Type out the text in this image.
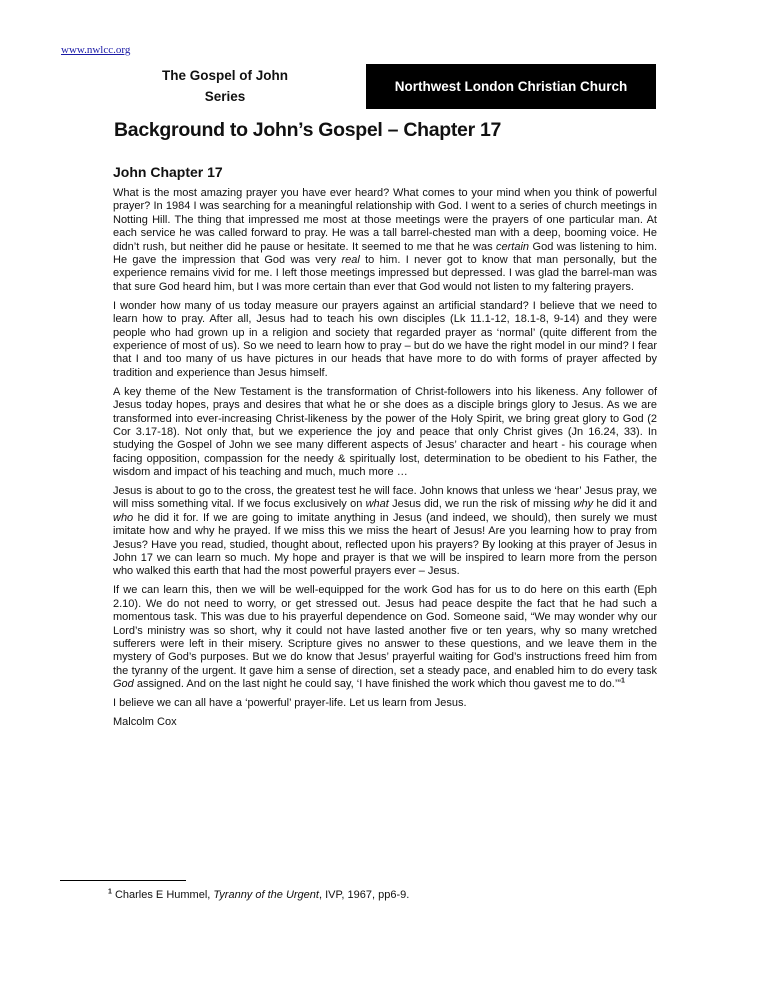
www.nwlcc.org
The Gospel of John Series
Northwest London Christian Church
Background to John’s Gospel – Chapter 17
John Chapter 17

What is the most amazing prayer you have ever heard? What comes to your mind when you think of powerful prayer? In 1984 I was searching for a meaningful relationship with God. I went to a series of church meetings in Notting Hill. The thing that impressed me most at those meetings were the prayers of one particular man. At each service he was called forward to pray. He was a tall barrel-chested man with a deep, booming voice. He didn’t rush, but neither did he pause or hesitate. It seemed to me that he was certain God was listening to him. He gave the impression that God was very real to him. I never got to know that man personally, but the experience remains vivid for me. I left those meetings impressed but depressed. I was glad the barrel-man was that sure God heard him, but I was more certain than ever that God would not listen to my faltering prayers.

I wonder how many of us today measure our prayers against an artificial standard? I believe that we need to learn how to pray. After all, Jesus had to teach his own disciples (Lk 11.1-12, 18.1-8, 9-14) and they were people who had grown up in a religion and society that regarded prayer as ‘normal’ (quite different from the experience of most of us). So we need to learn how to pray – but do we have the right model in our mind? I fear that I and too many of us have pictures in our heads that have more to do with forms of prayer affected by tradition and experience than Jesus himself.

A key theme of the New Testament is the transformation of Christ-followers into his likeness. Any follower of Jesus today hopes, prays and desires that what he or she does as a disciple brings glory to Jesus. As we are transformed into ever-increasing Christ-likeness by the power of the Holy Spirit, we bring great glory to God (2 Cor 3.17-18). Not only that, but we experience the joy and peace that only Christ gives (Jn 16.24, 33). In studying the Gospel of John we see many different aspects of Jesus’ character and heart - his courage when facing opposition, compassion for the needy & spiritually lost, determination to be obedient to his Father, the wisdom and impact of his teaching and much, much more …

Jesus is about to go to the cross, the greatest test he will face. John knows that unless we ‘hear’ Jesus pray, we will miss something vital. If we focus exclusively on what Jesus did, we run the risk of missing why he did it and who he did it for. If we are going to imitate anything in Jesus (and indeed, we should), then surely we must imitate how and why he prayed. If we miss this we miss the heart of Jesus! Are you learning how to pray from Jesus? Have you read, studied, thought about, reflected upon his prayers? By looking at this prayer of Jesus in John 17 we can learn so much. My hope and prayer is that we will be inspired to learn more from the person who walked this earth that had the most powerful prayers ever – Jesus.

If we can learn this, then we will be well-equipped for the work God has for us to do here on this earth (Eph 2.10). We do not need to worry, or get stressed out. Jesus had peace despite the fact that he had such a momentous task. This was due to his prayerful dependence on God. Someone said, “We may wonder why our Lord’s ministry was so short, why it could not have lasted another five or ten years, why so many wretched sufferers were left in their misery. Scripture gives no answer to these questions, and we leave them in the mystery of God’s purposes. But we do know that Jesus’ prayerful waiting for God’s instructions freed him from the tyranny of the urgent. It gave him a sense of direction, set a steady pace, and enabled him to do every task God assigned. And on the last night he could say, ‘I have finished the work which thou gavest me to do.’”$^1$

I believe we can all have a ‘powerful’ prayer-life. Let us learn from Jesus.

Malcolm Cox

$^1$ Charles E Hummel, Tyranny of the Urgent, IVP, 1967, pp6-9.
